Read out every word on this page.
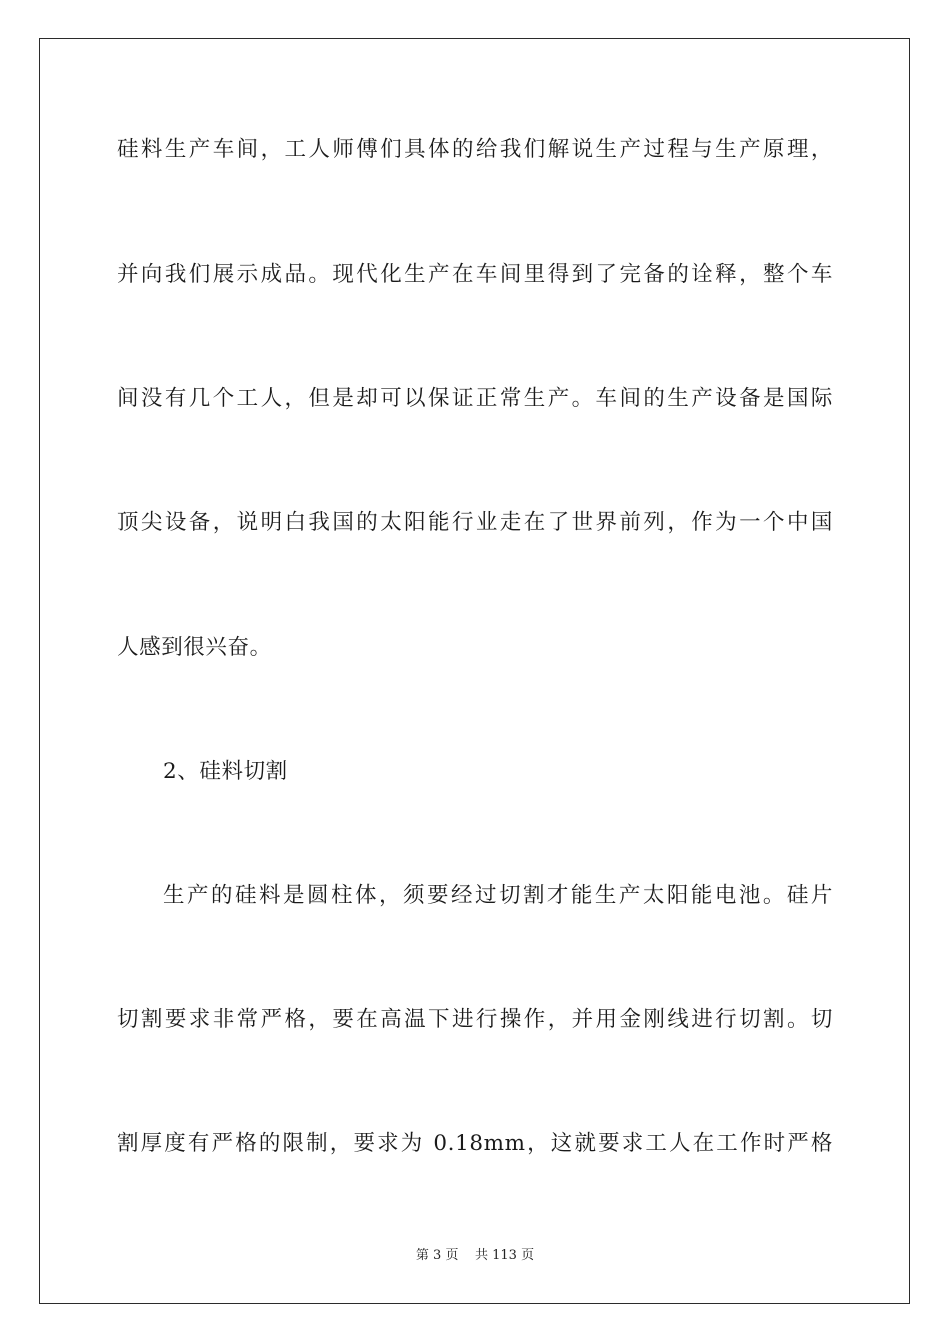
硅料生产车间，工人师傅们具体的给我们解说生产过程与生产原理，
并向我们展示成品。现代化生产在车间里得到了完备的诠释，整个车
间没有几个工人，但是却可以保证正常生产。车间的生产设备是国际
顶尖设备，说明白我国的太阳能行业走在了世界前列，作为一个中国
人感到很兴奋。
2、硅料切割
生产的硅料是圆柱体，须要经过切割才能生产太阳能电池。硅片
切割要求非常严格，要在高温下进行操作，并用金刚线进行切割。切
割厚度有严格的限制，要求为 0.18mm，这就要求工人在工作时严格
第 3 页 共 113 页
